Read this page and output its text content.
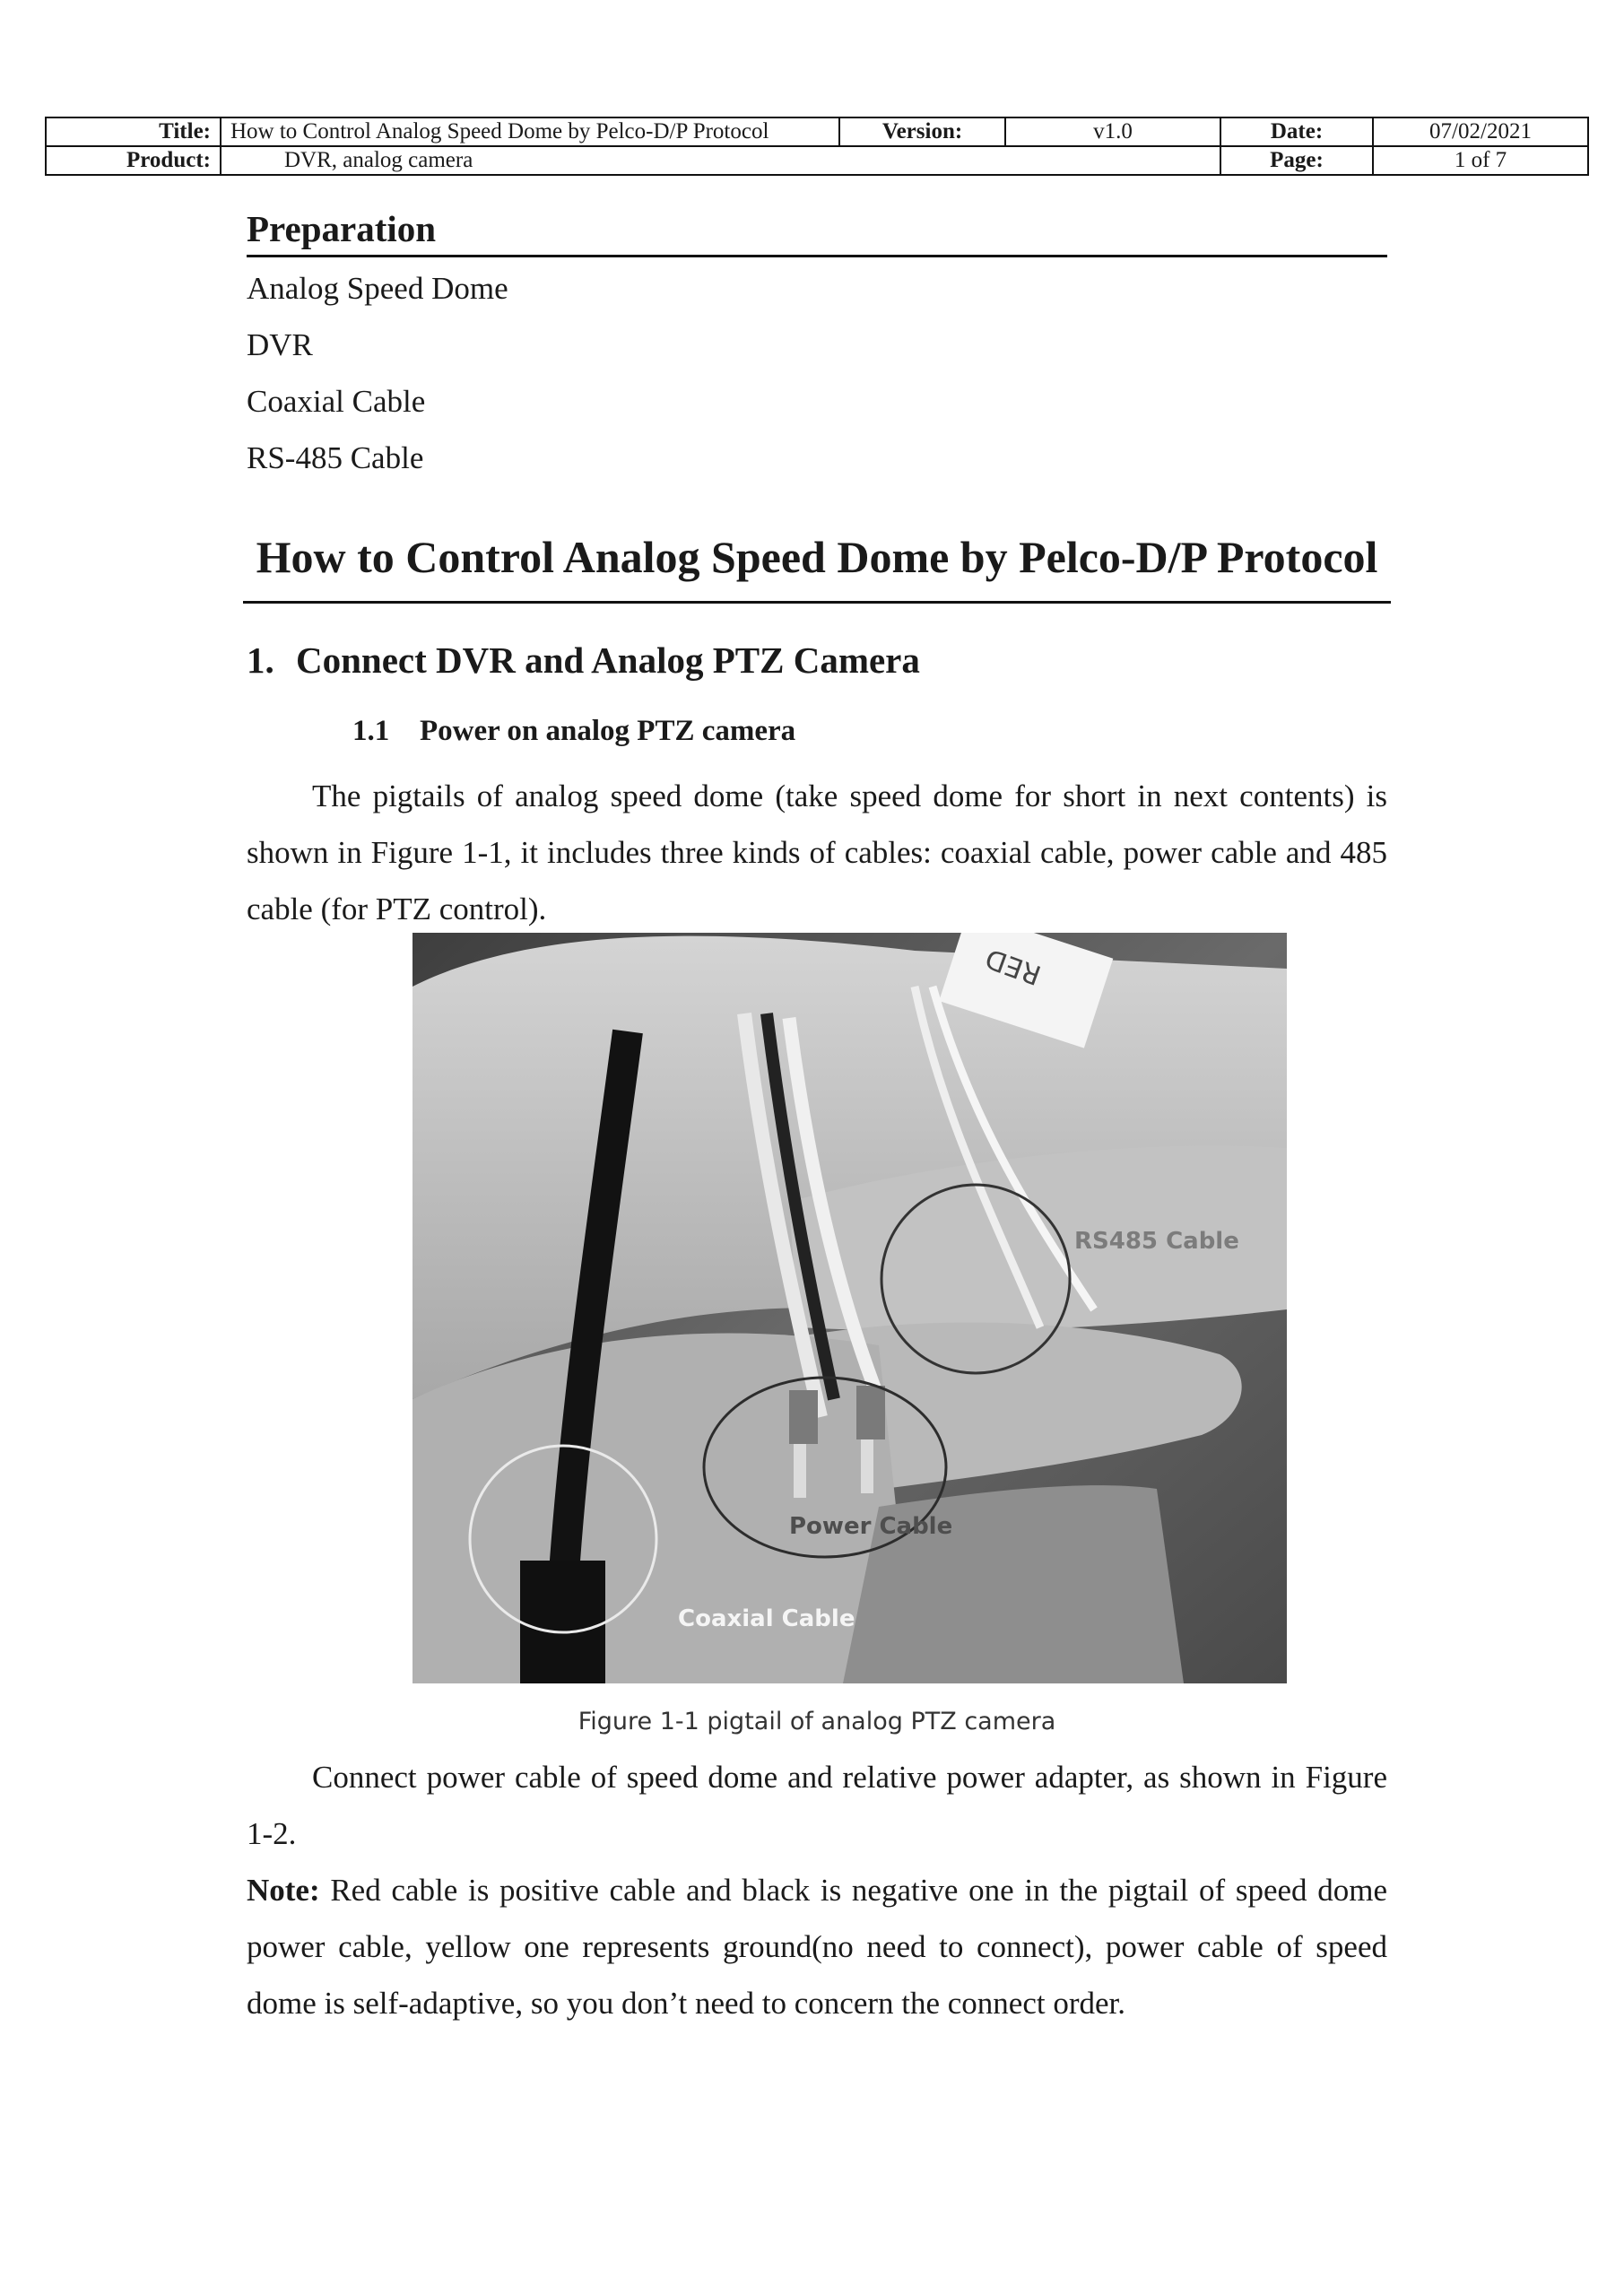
Title:	How to Control Analog Speed Dome by Pelco-D/P Protocol	Version:	v1.0	Date:	07/02/2021
Product:	DVR, analog camera			Page:	1 of 7
Preparation
Analog Speed Dome
DVR
Coaxial Cable
RS-485 Cable
How to Control Analog Speed Dome by Pelco-D/P Protocol
1. Connect DVR and Analog PTZ Camera
1.1 Power on analog PTZ camera

The pigtails of analog speed dome (take speed dome for short in next contents) is shown in Figure 1-1, it includes three kinds of cables: coaxial cable, power cable and 485 cable (for PTZ control).

RED
RS485 Cable
Power Cable
Coaxial Cable

Figure 1-1 pigtail of analog PTZ camera

Connect power cable of speed dome and relative power adapter, as shown in Figure 1-2.

Note: Red cable is positive cable and black is negative one in the pigtail of speed dome power cable, yellow one represents ground(no need to connect), power cable of speed dome is self-adaptive, so you don’t need to concern the connect order.
